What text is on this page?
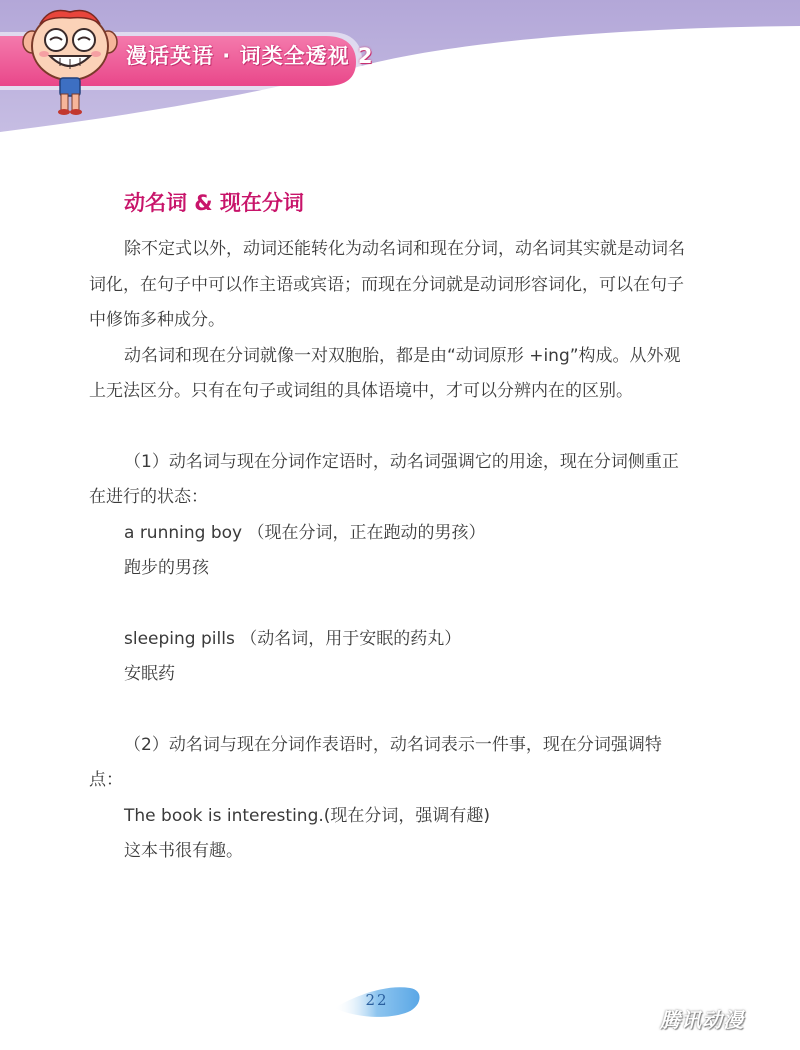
漫话英语 · 词类全透视 2
动名词 & 现在分词

除不定式以外，动词还能转化为动名词和现在分词，动名词其实就是动词名词化，在句子中可以作主语或宾语；而现在分词就是动词形容词化，可以在句子中修饰多种成分。

动名词和现在分词就像一对双胞胎，都是由“动词原形 +ing”构成。从外观上无法区分。只有在句子或词组的具体语境中，才可以分辨内在的区别。

（1）动名词与现在分词作定语时，动名词强调它的用途，现在分词侧重正在进行的状态：

a running boy （现在分词，正在跑动的男孩）

跑步的男孩

sleeping pills （动名词，用于安眠的药丸）

安眠药

（2）动名词与现在分词作表语时，动名词表示一件事，现在分词强调特点：

The book is interesting.(现在分词，强调有趣)

这本书很有趣。

22
腾讯动漫
